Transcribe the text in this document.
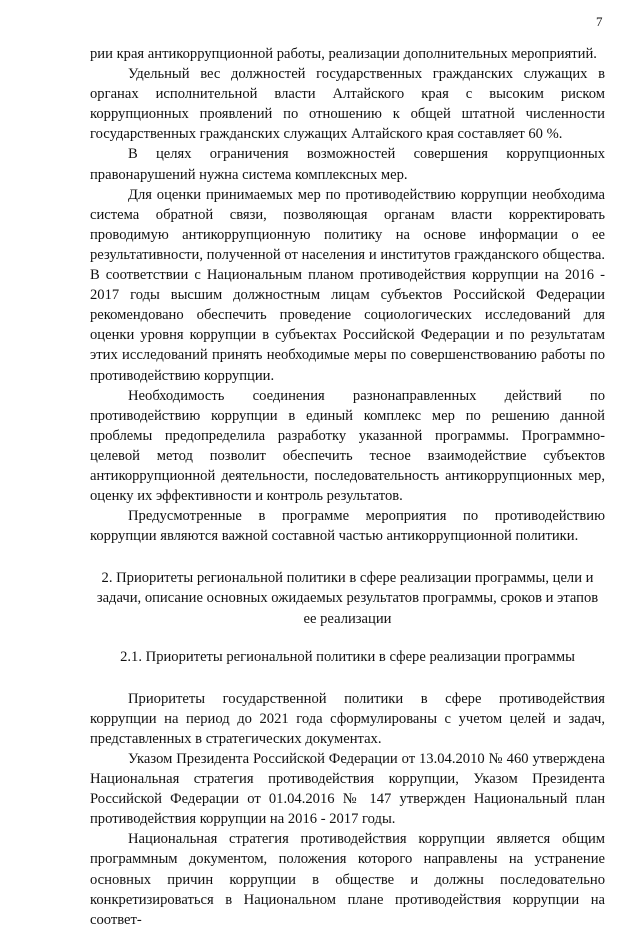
7

рии края антикоррупционной работы, реализации дополнительных мероприятий.

Удельный вес должностей государственных гражданских служащих в органах исполнительной власти Алтайского края с высоким риском коррупционных проявлений по отношению к общей штатной численности государственных гражданских служащих Алтайского края составляет 60 %.

В целях ограничения возможностей совершения коррупционных правонарушений нужна система комплексных мер.

Для оценки принимаемых мер по противодействию коррупции необходима система обратной связи, позволяющая органам власти корректировать проводимую антикоррупционную политику на основе информации о ее результативности, полученной от населения и институтов гражданского общества. В соответствии с Национальным планом противодействия коррупции на 2016 - 2017 годы высшим должностным лицам субъектов Российской Федерации рекомендовано обеспечить проведение социологических исследований для оценки уровня коррупции в субъектах Российской Федерации и по результатам этих исследований принять необходимые меры по совершенствованию работы по противодействию коррупции.

Необходимость соединения разнонаправленных действий по противодействию коррупции в единый комплекс мер по решению данной проблемы предопределила разработку указанной программы. Программно-целевой метод позволит обеспечить тесное взаимодействие субъектов антикоррупционной деятельности, последовательность антикоррупционных мер, оценку их эффективности и контроль результатов.

Предусмотренные в программе мероприятия по противодействию коррупции являются важной составной частью антикоррупционной политики.

2. Приоритеты региональной политики в сфере реализации программы, цели и задачи, описание основных ожидаемых результатов программы, сроков и этапов ее реализации

2.1. Приоритеты региональной политики в сфере реализации программы

Приоритеты государственной политики в сфере противодействия коррупции на период до 2021 года сформулированы с учетом целей и задач, представленных в стратегических документах.

Указом Президента Российской Федерации от 13.04.2010 № 460 утверждена Национальная стратегия противодействия коррупции, Указом Президента Российской Федерации от 01.04.2016 № 147 утвержден Национальный план противодействия коррупции на 2016 - 2017 годы.

Национальная стратегия противодействия коррупции является общим программным документом, положения которого направлены на устранение основных причин коррупции в обществе и должны последовательно конкретизироваться в Национальном плане противодействия коррупции на соответ-
